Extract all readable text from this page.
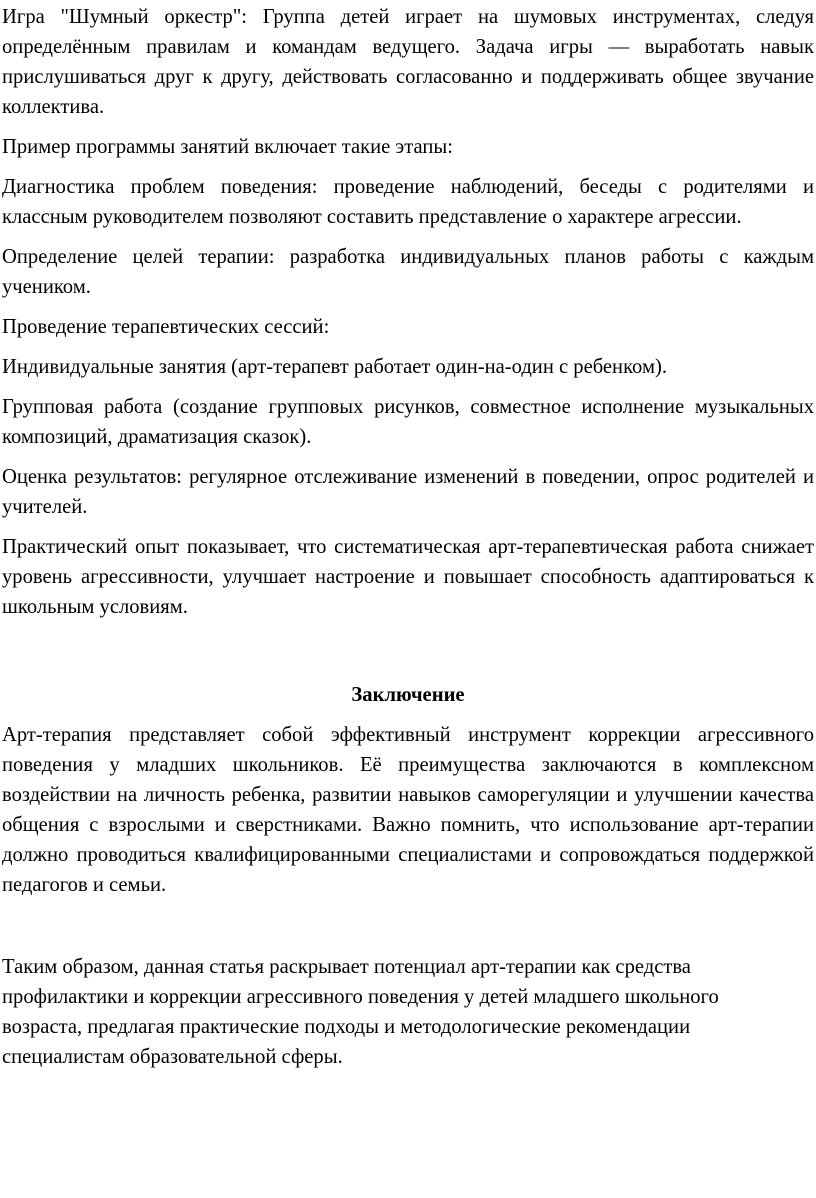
Игра "Шумный оркестр": Группа детей играет на шумовых инструментах, следуя определённым правилам и командам ведущего. Задача игры — выработать навык прислушиваться друг к другу, действовать согласованно и поддерживать общее звучание коллектива.

Пример программы занятий включает такие этапы:

Диагностика проблем поведения: проведение наблюдений, беседы с родителями и классным руководителем позволяют составить представление о характере агрессии.

Определение целей терапии: разработка индивидуальных планов работы с каждым учеником.

Проведение терапевтических сессий:

Индивидуальные занятия (арт-терапевт работает один-на-один с ребенком).

Групповая работа (создание групповых рисунков, совместное исполнение музыкальных композиций, драматизация сказок).

Оценка результатов: регулярное отслеживание изменений в поведении, опрос родителей и учителей.

Практический опыт показывает, что систематическая арт-терапевтическая работа снижает уровень агрессивности, улучшает настроение и повышает способность адаптироваться к школьным условиям.

Заключение

Арт-терапия представляет собой эффективный инструмент коррекции агрессивного поведения у младших школьников. Её преимущества заключаются в комплексном воздействии на личность ребенка, развитии навыков саморегуляции и улучшении качества общения с взрослыми и сверстниками. Важно помнить, что использование арт-терапии должно проводиться квалифицированными специалистами и сопровождаться поддержкой педагогов и семьи.

Таким образом, данная статья раскрывает потенциал арт-терапии как средства профилактики и коррекции агрессивного поведения у детей младшего школьного возраста, предлагая практические подходы и методологические рекомендации специалистам образовательной сферы.
